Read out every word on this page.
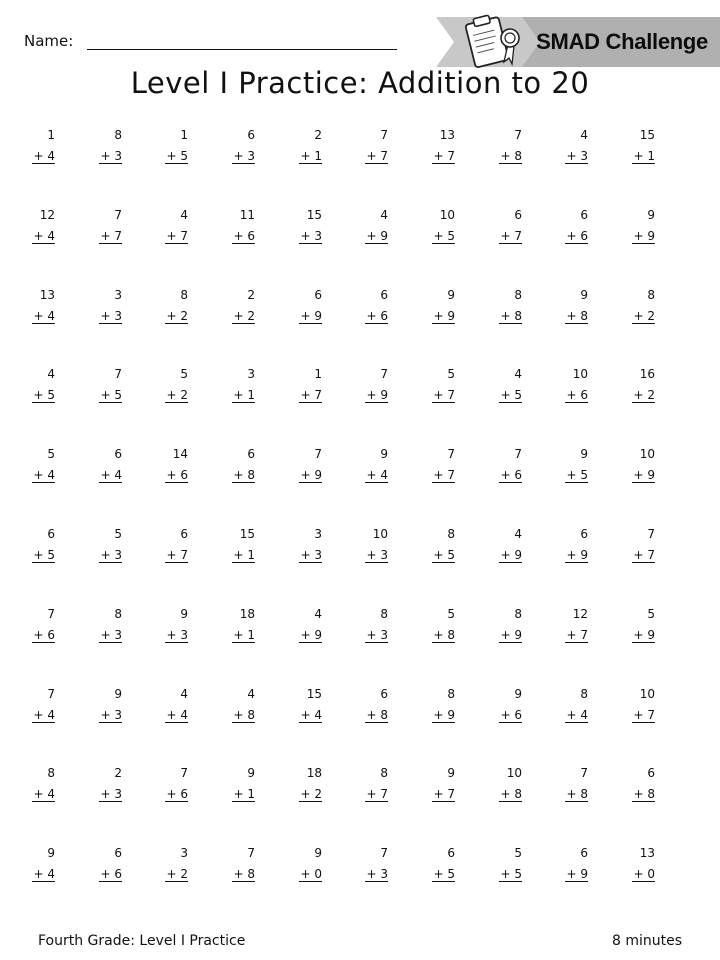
Name:	SMAD Challenge
Level I Practice: Addition to 20
1
+ 4
8
+ 3
1
+ 5
6
+ 3
2
+ 1
7
+ 7
13
+ 7
7
+ 8
4
+ 3
15
+ 1
12
+ 4
7
+ 7
4
+ 7
11
+ 6
15
+ 3
4
+ 9
10
+ 5
6
+ 7
6
+ 6
9
+ 9
13
+ 4
3
+ 3
8
+ 2
2
+ 2
6
+ 9
6
+ 6
9
+ 9
8
+ 8
9
+ 8
8
+ 2
4
+ 5
7
+ 5
5
+ 2
3
+ 1
1
+ 7
7
+ 9
5
+ 7
4
+ 5
10
+ 6
16
+ 2
5
+ 4
6
+ 4
14
+ 6
6
+ 8
7
+ 9
9
+ 4
7
+ 7
7
+ 6
9
+ 5
10
+ 9
6
+ 5
5
+ 3
6
+ 7
15
+ 1
3
+ 3
10
+ 3
8
+ 5
4
+ 9
6
+ 9
7
+ 7
7
+ 6
8
+ 3
9
+ 3
18
+ 1
4
+ 9
8
+ 3
5
+ 8
8
+ 9
12
+ 7
5
+ 9
7
+ 4
9
+ 3
4
+ 4
4
+ 8
15
+ 4
6
+ 8
8
+ 9
9
+ 6
8
+ 4
10
+ 7
8
+ 4
2
+ 3
7
+ 6
9
+ 1
18
+ 2
8
+ 7
9
+ 7
10
+ 8
7
+ 8
6
+ 8
9
+ 4
6
+ 6
3
+ 2
7
+ 8
9
+ 0
7
+ 3
6
+ 5
5
+ 5
6
+ 9
13
+ 0
Fourth Grade: Level I Practice	8 minutes
